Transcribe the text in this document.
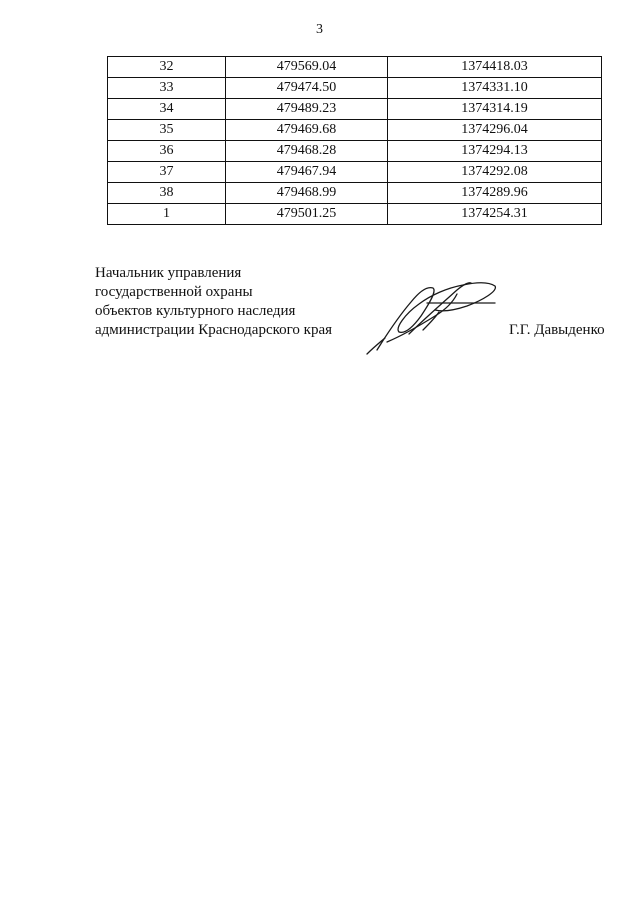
3
32	479569.04	1374418.03
33	479474.50	1374331.10
34	479489.23	1374314.19
35	479469.68	1374296.04
36	479468.28	1374294.13
37	479467.94	1374292.08
38	479468.99	1374289.96
1	479501.25	1374254.31
Начальник управления
государственной охраны
объектов культурного наследия
администрации Краснодарского края	Г.Г. Давыденко
